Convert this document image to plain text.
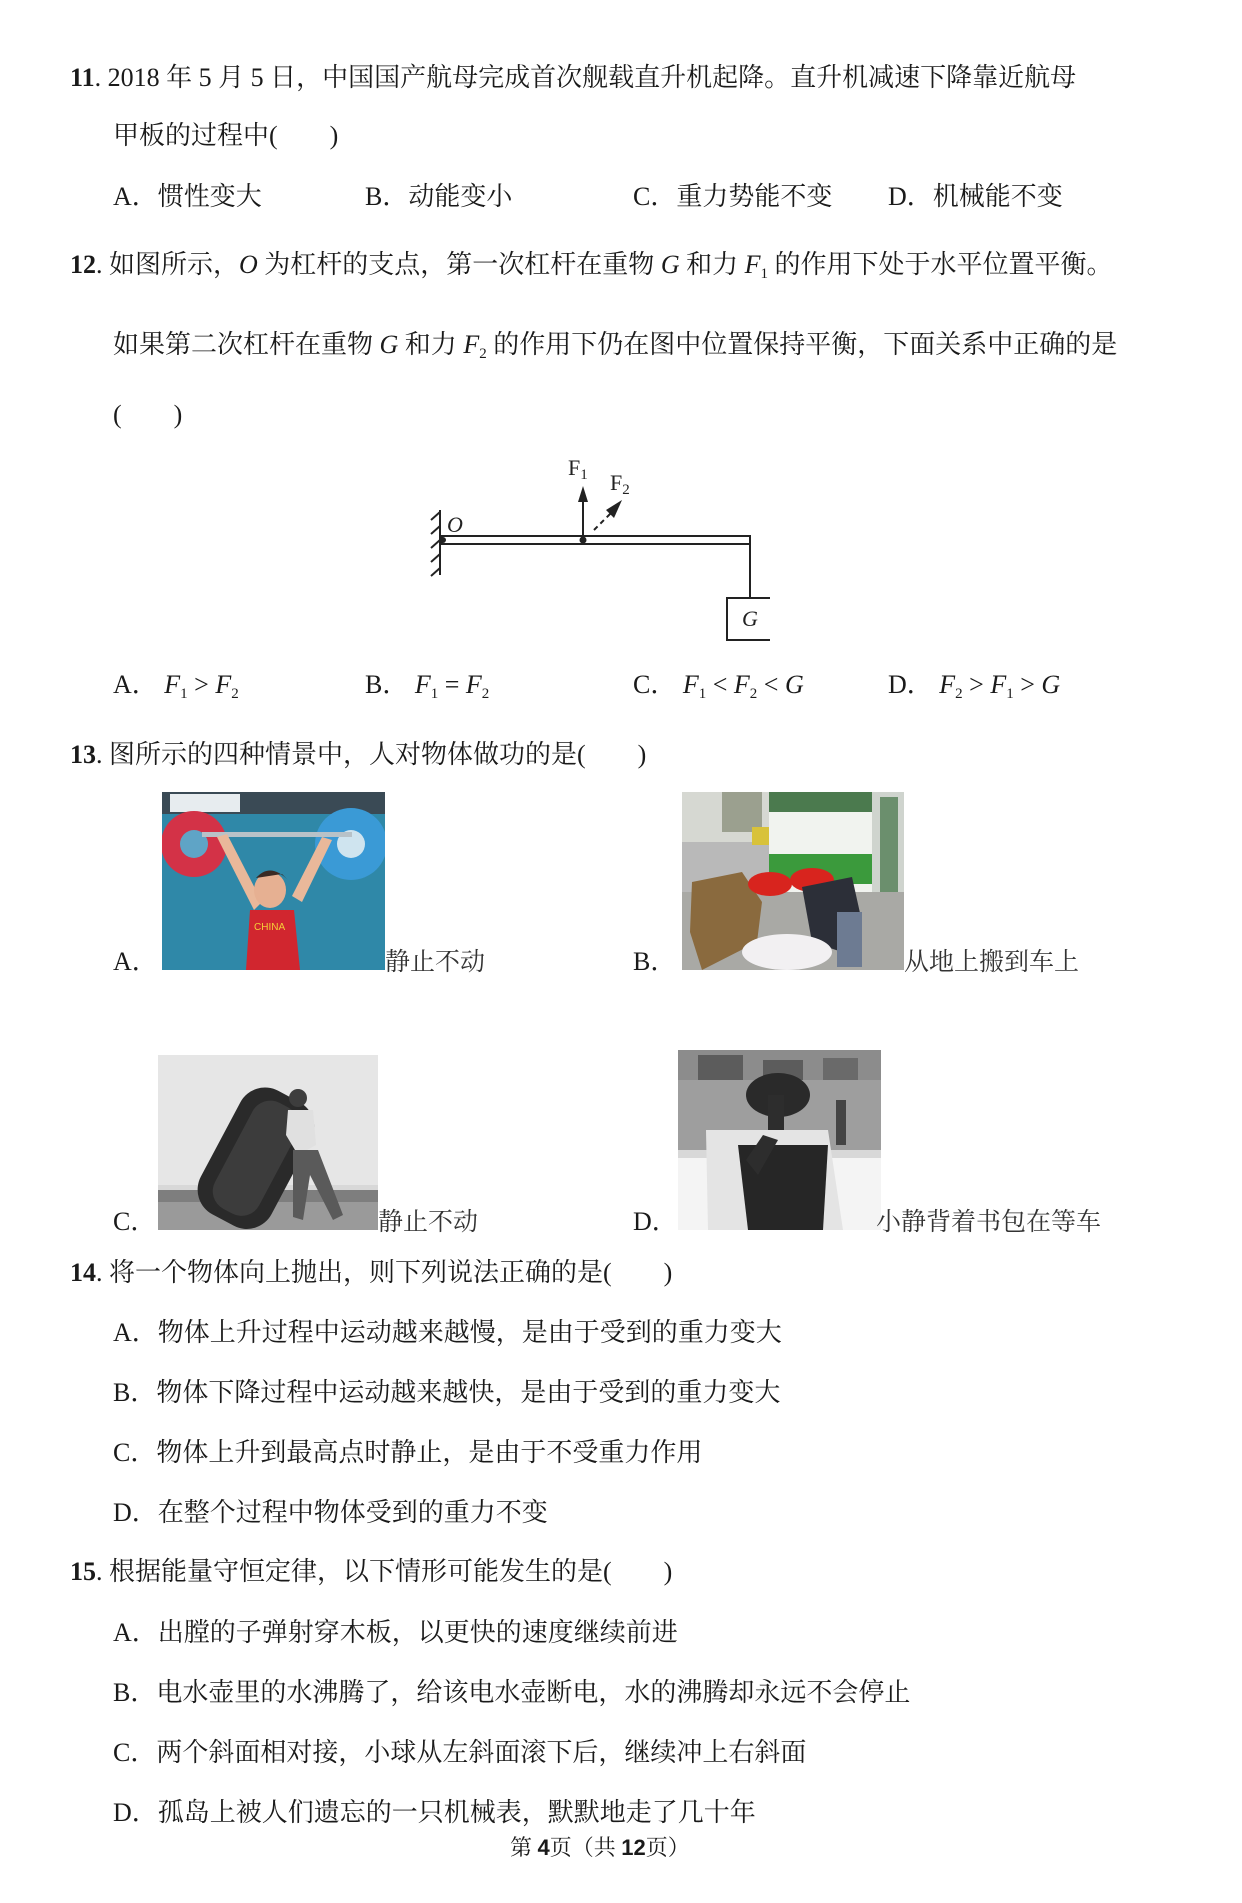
11. 2018 年 5 月 5 日，中国国产航母完成首次舰载直升机起降。直升机减速下降靠近航母
甲板的过程中(　　)
A．惯性变大	B．动能变小	C．重力势能不变 D．机械能不变
12. 如图所示，O 为杠杆的支点，第一次杠杆在重物 G 和力 $F_1$ 的作用下处于水平位置平衡。
如果第二次杠杆在重物 G 和力 $F_2$ 的作用下仍在图中位置保持平衡，下面关系中正确的是
(　　)
O
F1 F2
G
A． $F_1 > F_2$	B． $F_1 = F_2$	C． $F_1 < F_2 < G$	D． $F_2 > F_1 > G$
13. 图所示的四种情景中，人对物体做功的是(　　)
A．
CHINA
静止不动	B．	从地上搬到车上
C．	静止不动	D．	小静背着书包在等车
14. 将一个物体向上抛出，则下列说法正确的是(　　)
A．物体上升过程中运动越来越慢，是由于受到的重力变大
B．物体下降过程中运动越来越快，是由于受到的重力变大
C．物体上升到最高点时静止，是由于不受重力作用
D．在整个过程中物体受到的重力不变
15. 根据能量守恒定律，以下情形可能发生的是(　　)
A．出膛的子弹射穿木板，以更快的速度继续前进
B．电水壶里的水沸腾了，给该电水壶断电，水的沸腾却永远不会停止
C．两个斜面相对接，小球从左斜面滚下后，继续冲上右斜面
D．孤岛上被人们遗忘的一只机械表，默默地走了几十年
第 4页（共 12页）
